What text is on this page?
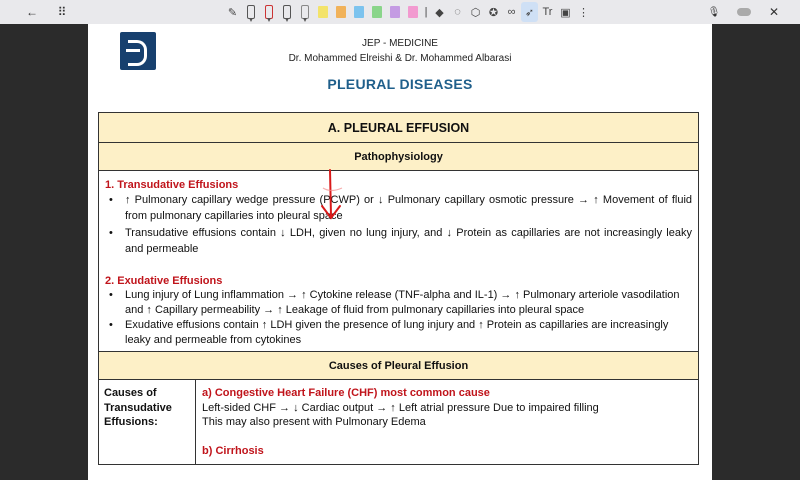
←	⠿	✎	| ◆ ◌ ⬡ ✪ ∞ ➶ Tr ▣ ⋮	🎙	✕
JEP - MEDICINE
Dr. Mohammed Elreishi & Dr. Mohammed Albarasi
PLEURAL DISEASES
A. PLEURAL EFFUSION
Pathophysiology
1. Transudative Effusions
•	↑ Pulmonary capillary wedge pressure (PCWP) or ↓ Pulmonary capillary osmotic pressure → ↑ Movement of fluid from pulmonary capillaries into pleural space
•	Transudative effusions contain ↓ LDH, given no lung injury, and ↓ Protein as capillaries are not increasingly leaky and permeable
2. Exudative Effusions
•	Lung injury of Lung inflammation → ↑ Cytokine release (TNF-alpha and IL-1) → ↑ Pulmonary arteriole vasodilation and ↑ Capillary permeability → ↑ Leakage of fluid from pulmonary capillaries into pleural space
•	Exudative effusions contain ↑ LDH given the presence of lung injury and ↑ Protein as capillaries are increasingly leaky and permeable from cytokines
Causes of Pleural Effusion
Causes of Transudative Effusions:
a) Congestive Heart Failure (CHF) most common cause
Left-sided CHF → ↓ Cardiac output → ↑ Left atrial pressure Due to impaired filling
This may also present with Pulmonary Edema
b) Cirrhosis
